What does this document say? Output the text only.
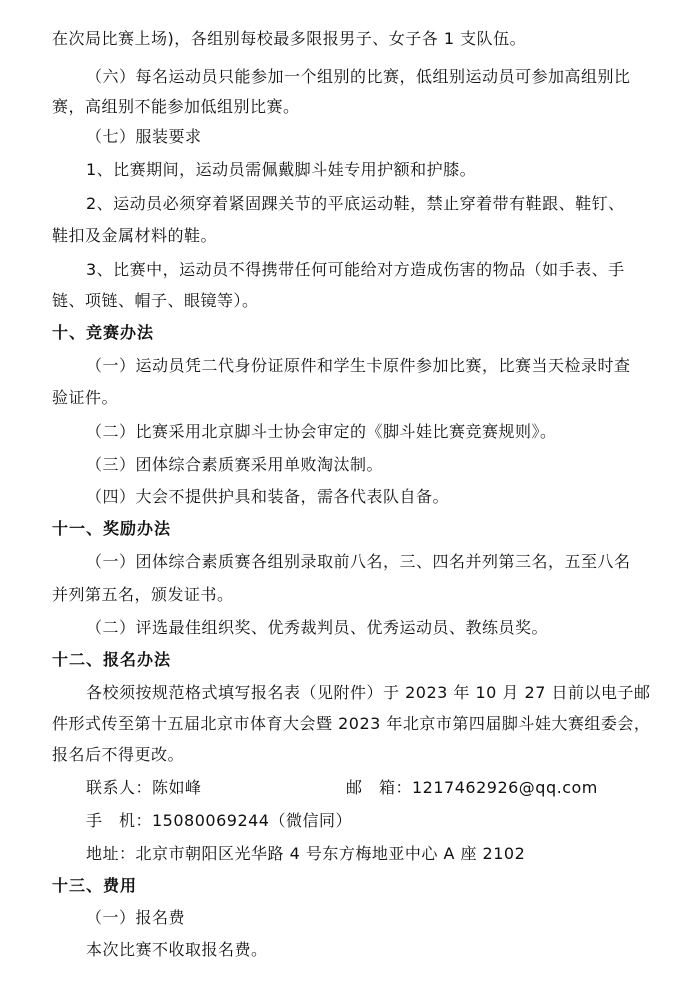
在次局比赛上场)，各组别每校最多限报男子、女子各 1 支队伍。
（六）每名运动员只能参加一个组别的比赛，低组别运动员可参加高组别比
赛，高组别不能参加低组别比赛。
（七）服装要求
1、比赛期间，运动员需佩戴脚斗娃专用护额和护膝。
2、运动员必须穿着紧固踝关节的平底运动鞋，禁止穿着带有鞋跟、鞋钉、
鞋扣及金属材料的鞋。
3、比赛中，运动员不得携带任何可能给对方造成伤害的物品（如手表、手
链、项链、帽子、眼镜等）。
十、竞赛办法
（一）运动员凭二代身份证原件和学生卡原件参加比赛，比赛当天检录时查
验证件。
（二）比赛采用北京脚斗士协会审定的《脚斗娃比赛竞赛规则》。
（三）团体综合素质赛采用单败淘汰制。
（四）大会不提供护具和装备，需各代表队自备。
十一、奖励办法
（一）团体综合素质赛各组别录取前八名，三、四名并列第三名，五至八名
并列第五名，颁发证书。
（二）评选最佳组织奖、优秀裁判员、优秀运动员、教练员奖。
十二、报名办法
各校须按规范格式填写报名表（见附件）于 2023 年 10 月 27 日前以电子邮
件形式传至第十五届北京市体育大会暨 2023 年北京市第四届脚斗娃大赛组委会，
报名后不得更改。
联系人：陈如峰	邮　箱：1217462926@qq.com
手　机：15080069244（微信同）
地址：北京市朝阳区光华路 4 号东方梅地亚中心 A 座 2102
十三、费用
（一）报名费
本次比赛不收取报名费。
